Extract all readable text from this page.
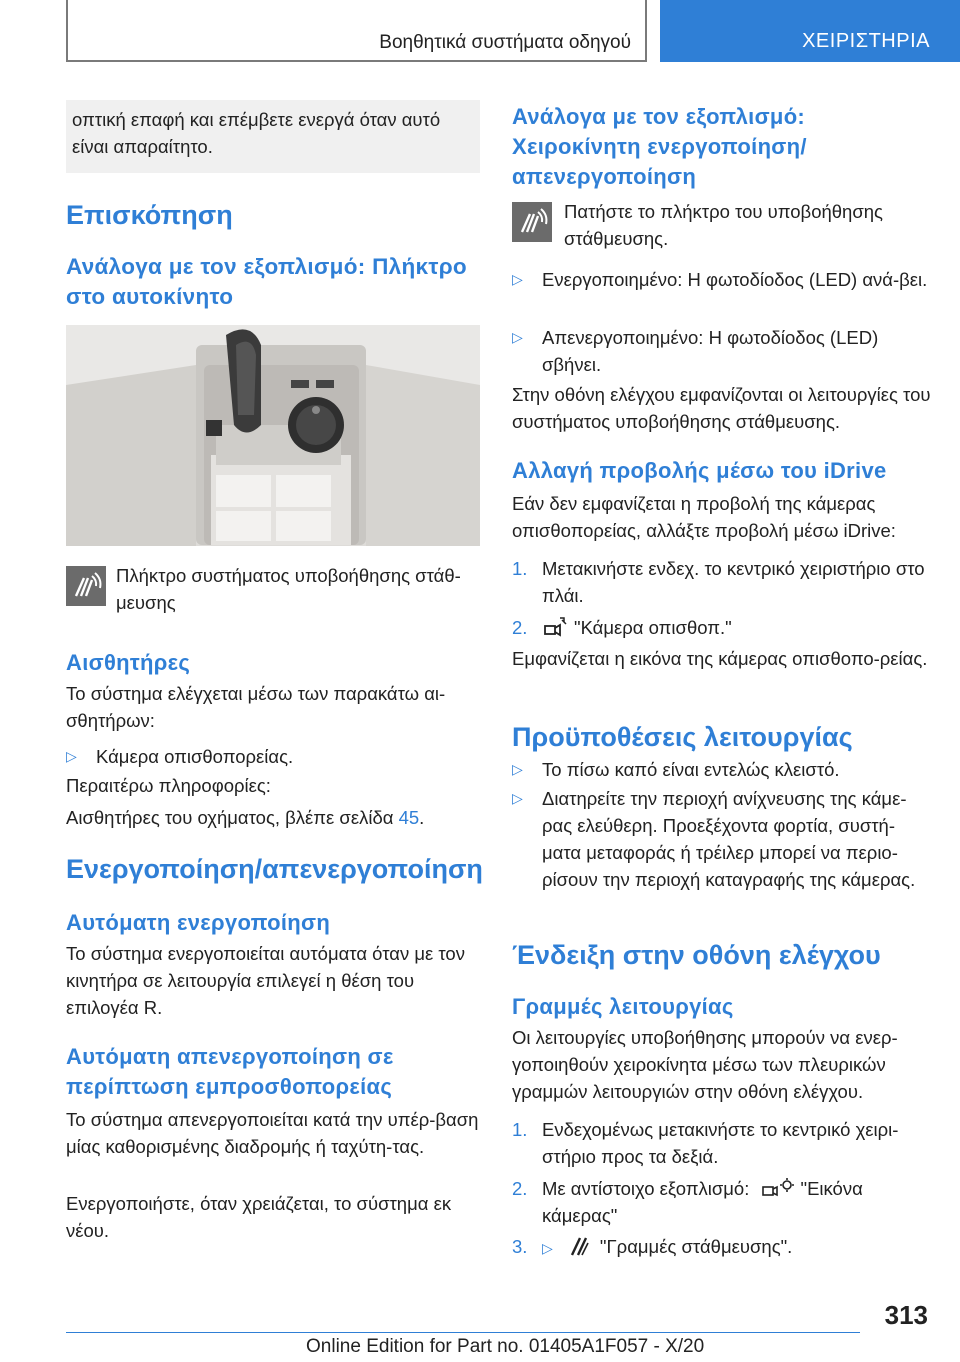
Βοηθητικά συστήματα οδηγού	ΧΕΙΡΙΣΤΗΡΙΑ

οπτική επαφή και επέμβετε ενεργά όταν αυτό είναι απαραίτητο.

Επισκόπηση
Ανάλογα με τον εξοπλισμό: Πλήκτρο στο αυτοκίνητο

Πλήκτρο συστήματος υποβοήθησης στάθ-μευσης

Αισθητήρες

Το σύστημα ελέγχεται μέσω των παρακάτω αι-σθητήρων:

▷ Κάμερα οπισθοπορείας.

Περαιτέρω πληροφορίες:

Αισθητήρες του οχήματος, βλέπε σελίδα 45.

Ενεργοποίηση/απενεργοποίηση
Αυτόματη ενεργοποίηση

Το σύστημα ενεργοποιείται αυτόματα όταν με τον κινητήρα σε λειτουργία επιλεγεί η θέση του επιλογέα R.

Αυτόματη απενεργοποίηση σε περίπτωση εμπροσθοπορείας

Το σύστημα απενεργοποιείται κατά την υπέρ-βαση μίας καθορισμένης διαδρομής ή ταχύτη-τας.

Ενεργοποιήστε, όταν χρειάζεται, το σύστημα εκ νέου.

Ανάλογα με τον εξοπλισμό: Χειροκίνητη ενεργοποίηση/ απενεργοποίηση

Πατήστε το πλήκτρο του υποβοήθησης στάθμευσης.

▷ Ενεργοποιημένο: Η φωτοδίοδος (LED) ανά-βει.
▷ Απενεργοποιημένο: Η φωτοδίοδος (LED) σβήνει.

Στην οθόνη ελέγχου εμφανίζονται οι λειτουργίες του συστήματος υποβοήθησης στάθμευσης.

Αλλαγή προβολής μέσω του iDrive

Εάν δεν εμφανίζεται η προβολή της κάμερας οπισθοπορείας, αλλάξτε προβολή μέσω iDrive:

1. Μετακινήστε ενδεχ. το κεντρικό χειριστήριο στο πλάι.
2.	"Κάμερα οπισθοπ."

Εμφανίζεται η εικόνα της κάμερας οπισθοπο-ρείας.

Προϋποθέσεις λειτουργίας
▷ Το πίσω καπό είναι εντελώς κλειστό.
▷ Διατηρείτε την περιοχή ανίχνευσης της κάμε-ρας ελεύθερη. Προεξέχοντα φορτία, συστή-ματα μεταφοράς ή τρέιλερ μπορεί να περιο-ρίσουν την περιοχή καταγραφής της κάμερας.
Ένδειξη στην οθόνη ελέγχου
Γραμμές λειτουργίας

Οι λειτουργίες υποβοήθησης μπορούν να ενερ-γοποιηθούν χειροκίνητα μέσω των πλευρικών γραμμών λειτουργιών στην οθόνη ελέγχου.

1. Ενδεχομένως μετακινήστε το κεντρικό χειρι-στήριο προς τα δεξιά.
2. Με αντίστοιχο εξοπλισμό:	"Εικόνα κάμερας"
3. ▷	"Γραμμές στάθμευσης".
313
Online Edition for Part no. 01405A1F057 - X/20
